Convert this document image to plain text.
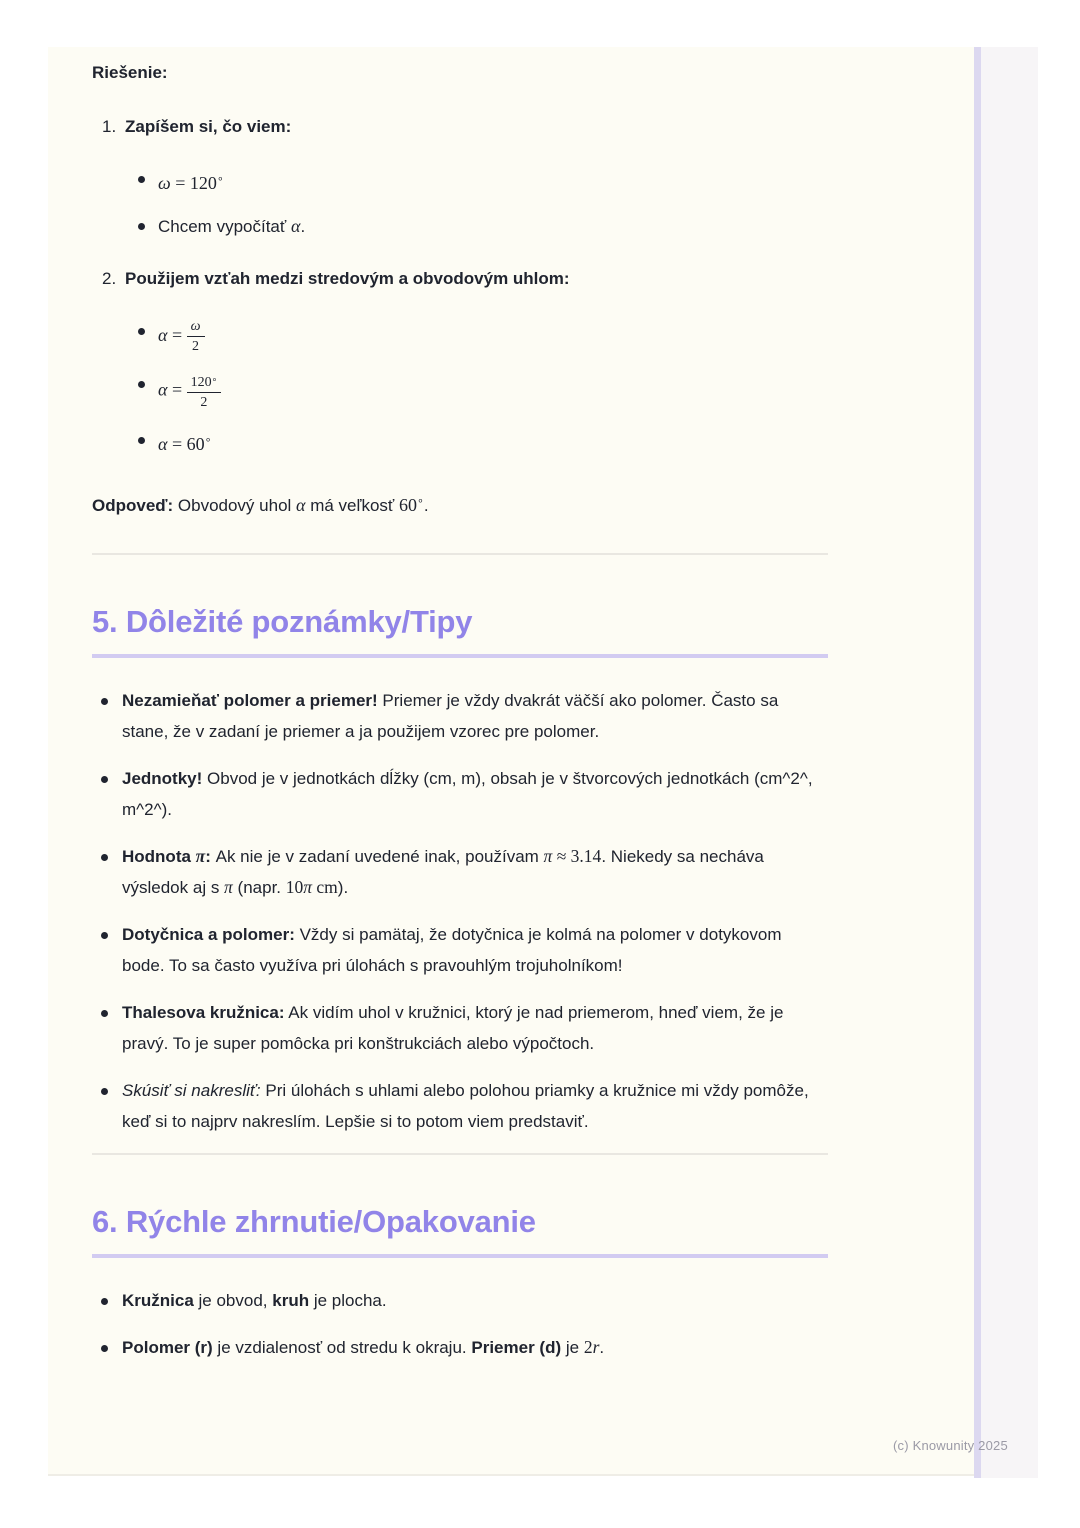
Riešenie:

1. Zapíšem si, čo viem:
ω = 120∘
Chcem vypočítať α.
2. Použijem vzťah medzi stredovým a obvodovým uhlom:
$\alpha = \frac{\omega}{2}$
$\alpha = \frac{120^\circ}{2}$
α = 60∘

Odpoveď: Obvodový uhol α má veľkosť 60∘.

5. Dôležité poznámky/Tipy
Nezamieňať polomer a priemer! Priemer je vždy dvakrát väčší ako polomer. Často sa stane, že v zadaní je priemer a ja použijem vzorec pre polomer.
Jednotky! Obvod je v jednotkách dĺžky (cm, m), obsah je v štvorcových jednotkách (cm^2^, m^2^).
Hodnota π: Ak nie je v zadaní uvedené inak, používam π ≈ 3.14. Niekedy sa necháva výsledok aj s π (napr. 10π cm).
Dotyčnica a polomer: Vždy si pamätaj, že dotyčnica je kolmá na polomer v dotykovom bode. To sa často využíva pri úlohách s pravouhlým trojuholníkom!
Thalesova kružnica: Ak vidím uhol v kružnici, ktorý je nad priemerom, hneď viem, že je pravý. To je super pomôcka pri konštrukciách alebo výpočtoch.
Skúsiť si nakresliť: Pri úlohách s uhlami alebo polohou priamky a kružnice mi vždy pomôže, keď si to najprv nakreslím. Lepšie si to potom viem predstaviť.
6. Rýchle zhrnutie/Opakovanie
Kružnica je obvod, kruh je plocha.
Polomer (r) je vzdialenosť od stredu k okraju. Priemer (d) je 2r.
(c) Knowunity 2025
